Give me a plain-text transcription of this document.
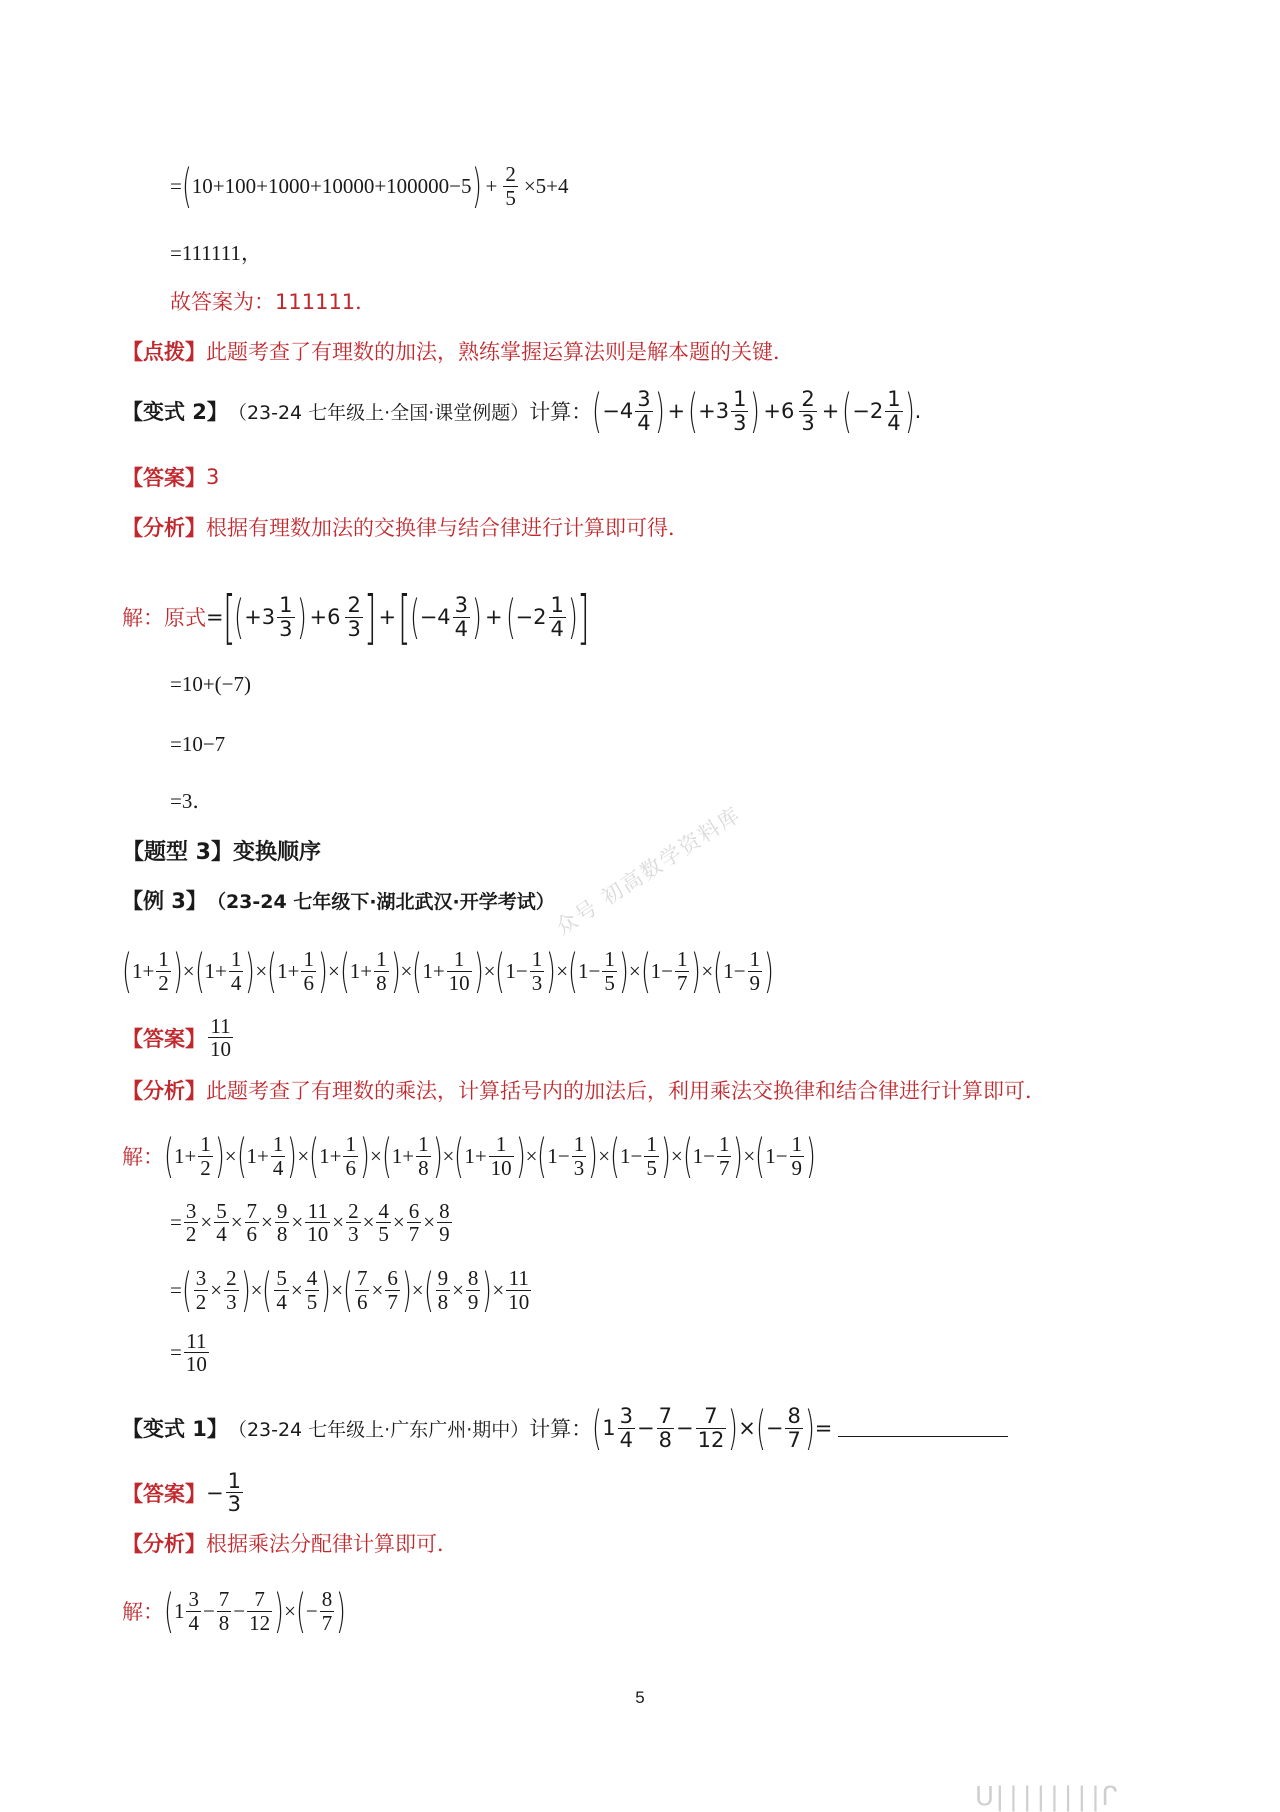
众号 初高数学资料库
= ( 10+100+1000+10000+100000−5 ) + $\frac{2}{5} \times 5+4$
=111111，
故答案为：111111．
【点拨】 此题考查了有理数的加法，熟练掌握运算法则是解本题的关键．
【变式 2】 （23-24 七年级上·全国·课堂例题） 计算： ( $-4 \frac{3}{4}$ ) + ( $+3 \frac{1}{3}$ ) $+6 \frac{2}{3}$ + ( $-2 \frac{1}{4}$ ) .
【答案】 3
【分析】 根据有理数加法的交换律与结合律进行计算即可得．
解：原式 = [ ( $+3 \frac{1}{3}$ ) $+6 \frac{2}{3}$ ] + [ ( $-4 \frac{3}{4}$ ) + ( $-2 \frac{1}{4}$ ) ]
=10+(−7)
=10−7
=3．
【题型 3】变换顺序
【例 3】 （23-24 七年级下·湖北武汉·开学考试）
( $1+ \frac{1}{2}$ ) × ( $1+ \frac{1}{4}$ ) × ( $1+ \frac{1}{6}$ ) × ( $1+ \frac{1}{8}$ ) × ( $1+ \frac{1}{10}$ ) × ( $1- \frac{1}{3}$ ) × ( $1- \frac{1}{5}$ ) × ( $1- \frac{1}{7}$ ) × ( $1- \frac{1}{9}$ )
【答案】 $\frac{11}{10}$
【分析】 此题考查了有理数的乘法，计算括号内的加法后，利用乘法交换律和结合律进行计算即可．
解： ( $1+ \frac{1}{2}$ ) × ( $1+ \frac{1}{4}$ ) × ( $1+ \frac{1}{6}$ ) × ( $1+ \frac{1}{8}$ ) × ( $1+ \frac{1}{10}$ ) × ( $1- \frac{1}{3}$ ) × ( $1- \frac{1}{5}$ ) × ( $1- \frac{1}{7}$ ) × ( $1- \frac{1}{9}$ )
= $\frac{3}{2} \times \frac{5}{4} \times \frac{7}{6} \times \frac{9}{8} \times \frac{11}{10} \times \frac{2}{3} \times \frac{4}{5} \times \frac{6}{7} \times \frac{8}{9}$
= ( $\frac{3}{2} \times \frac{2}{3}$ ) × ( $\frac{5}{4} \times \frac{4}{5}$ ) × ( $\frac{7}{6} \times \frac{6}{7}$ ) × ( $\frac{9}{8} \times \frac{8}{9}$ ) × $\frac{11}{10}$
= $\frac{11}{10}$
【变式 1】 （23-24 七年级上·广东广州·期中） 计算： ( $1 \frac{3}{4} - \frac{7}{8} - \frac{7}{12}$ ) × ( − $\frac{8}{7}$ ) =
【答案】 − $\frac{1}{3}$
【分析】 根据乘法分配律计算即可．
解： ( $1 \frac{3}{4} - \frac{7}{8} - \frac{7}{12}$ ) × ( − $\frac{8}{7}$ )
5
ᑌ||||||||ᒋ
